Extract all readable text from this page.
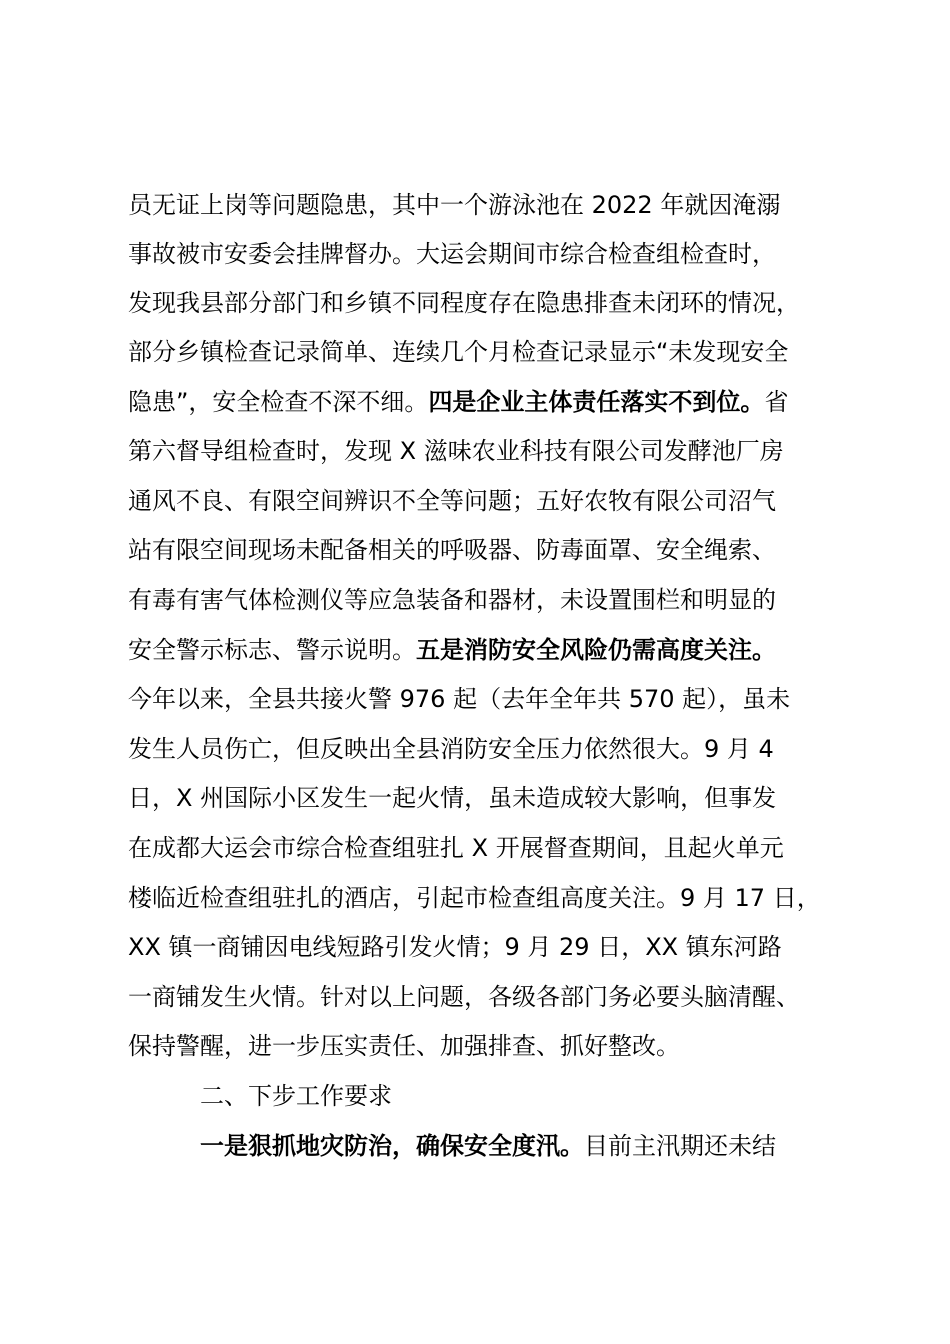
员无证上岗等问题隐患，其中一个游泳池在 2022 年就因淹溺
事故被市安委会挂牌督办。大运会期间市综合检查组检查时，
发现我县部分部门和乡镇不同程度存在隐患排查未闭环的情况，
部分乡镇检查记录简单、连续几个月检查记录显示“未发现安全
隐患”，安全检查不深不细。四是企业主体责任落实不到位。省
第六督导组检查时，发现 X 滋味农业科技有限公司发酵池厂房
通风不良、有限空间辨识不全等问题；五好农牧有限公司沼气
站有限空间现场未配备相关的呼吸器、防毒面罩、安全绳索、
有毒有害气体检测仪等应急装备和器材，未设置围栏和明显的
安全警示标志、警示说明。五是消防安全风险仍需高度关注。
今年以来，全县共接火警 976 起（去年全年共 570 起），虽未
发生人员伤亡，但反映出全县消防安全压力依然很大。9 月 4
日，X 州国际小区发生一起火情，虽未造成较大影响，但事发
在成都大运会市综合检查组驻扎 X 开展督查期间，且起火单元
楼临近检查组驻扎的酒店，引起市检查组高度关注。9 月 17 日，
XX 镇一商铺因电线短路引发火情；9 月 29 日，XX 镇东河路
一商铺发生火情。针对以上问题，各级各部门务必要头脑清醒、
保持警醒，进一步压实责任、加强排查、抓好整改。
二、下步工作要求
一是狠抓地灾防治，确保安全度汛。目前主汛期还未结
